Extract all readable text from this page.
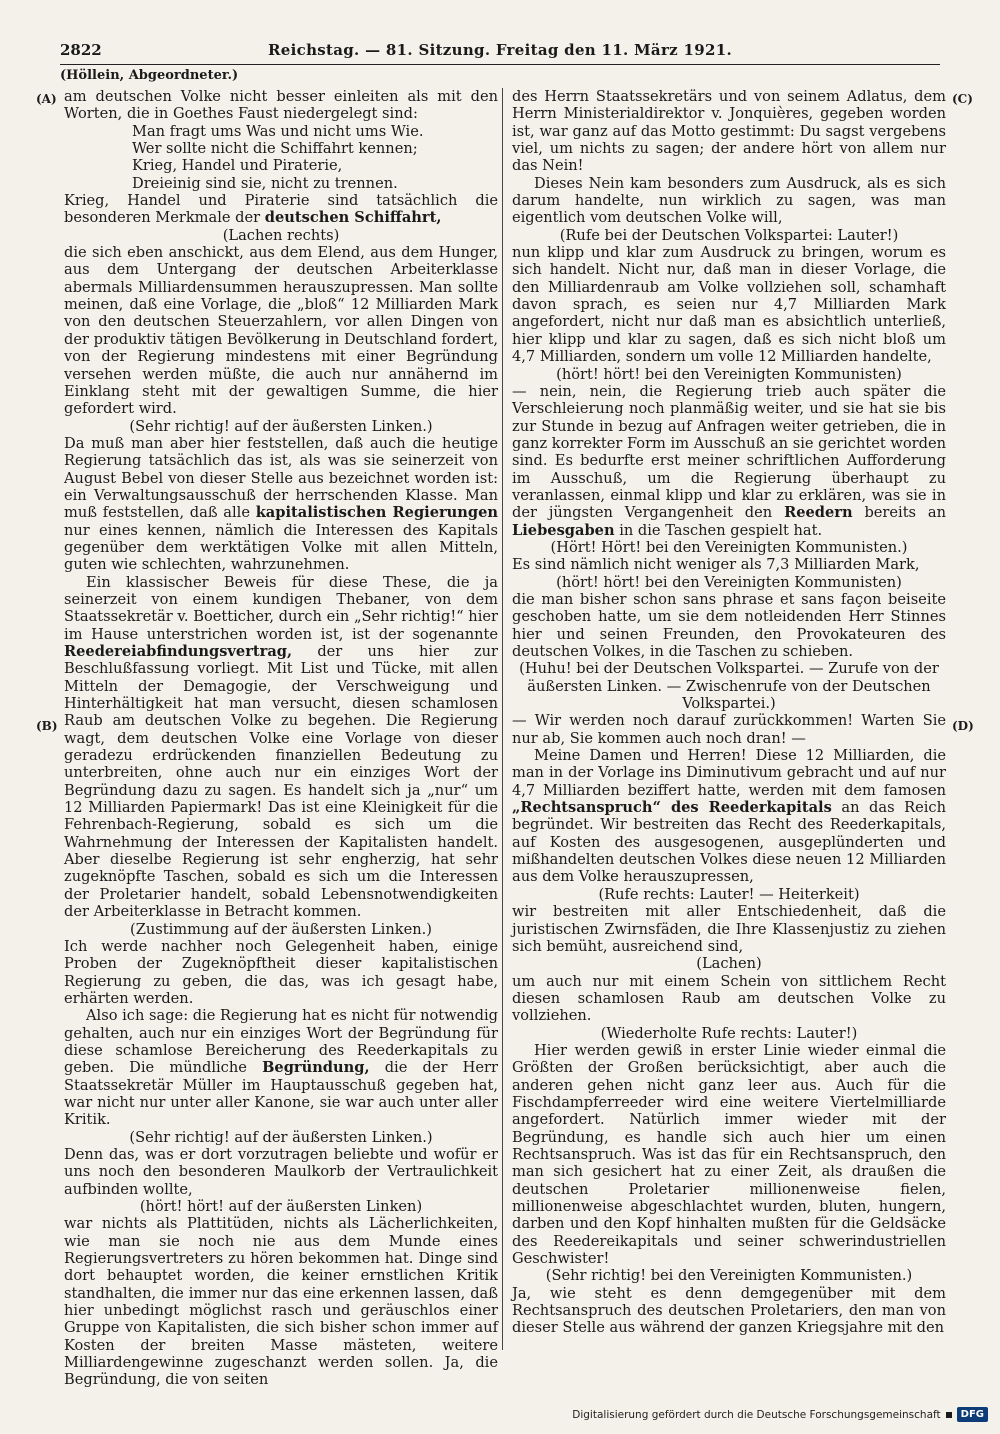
2822	Reichstag. — 81. Sitzung. Freitag den 11. März 1921.
(Höllein, Abgeordneter.)
(A)
(B)
(C)
(D)

am deutschen Volke nicht besser einleiten als mit den Worten, die in Goethes Faust niedergelegt sind:

Man fragt ums Was und nicht ums Wie.

Wer sollte nicht die Schiffahrt kennen;

Krieg, Handel und Piraterie,

Dreieinig sind sie, nicht zu trennen.

Krieg, Handel und Piraterie sind tatsächlich die besonderen Merkmale der deutschen Schiffahrt,

(Lachen rechts)

die sich eben anschickt, aus dem Elend, aus dem Hunger, aus dem Untergang der deutschen Arbeiterklasse abermals Milliardensummen herauszupressen. Man sollte meinen, daß eine Vorlage, die „bloß“ 12 Milliarden Mark von den deutschen Steuerzahlern, vor allen Dingen von der produktiv tätigen Bevölkerung in Deutschland fordert, von der Regierung mindestens mit einer Begründung versehen werden müßte, die auch nur annähernd im Einklang steht mit der gewaltigen Summe, die hier gefordert wird.

(Sehr richtig! auf der äußersten Linken.)

Da muß man aber hier feststellen, daß auch die heutige Regierung tatsächlich das ist, als was sie seinerzeit von August Bebel von dieser Stelle aus bezeichnet worden ist: ein Verwaltungsausschuß der herrschenden Klasse. Man muß feststellen, daß alle kapitalistischen Regierungen nur eines kennen, nämlich die Interessen des Kapitals gegenüber dem werktätigen Volke mit allen Mitteln, guten wie schlechten, wahrzunehmen.

Ein klassischer Beweis für diese These, die ja seinerzeit von einem kundigen Thebaner, von dem Staatssekretär v. Boetticher, durch ein „Sehr richtig!“ hier im Hause unterstrichen worden ist, ist der sogenannte Reedereiabfindungsvertrag, der uns hier zur Beschlußfassung vorliegt. Mit List und Tücke, mit allen Mitteln der Demagogie, der Verschweigung und Hinterhältigkeit hat man versucht, diesen schamlosen Raub am deutschen Volke zu begehen. Die Regierung wagt, dem deutschen Volke eine Vorlage von dieser geradezu erdrückenden finanziellen Bedeutung zu unterbreiten, ohne auch nur ein einziges Wort der Begründung dazu zu sagen. Es handelt sich ja „nur“ um 12 Milliarden Papiermark! Das ist eine Kleinigkeit für die Fehrenbach-Regierung, sobald es sich um die Wahrnehmung der Interessen der Kapitalisten handelt. Aber dieselbe Regierung ist sehr engherzig, hat sehr zugeknöpfte Taschen, sobald es sich um die Interessen der Proletarier handelt, sobald Lebensnotwendigkeiten der Arbeiterklasse in Betracht kommen.

(Zustimmung auf der äußersten Linken.)

Ich werde nachher noch Gelegenheit haben, einige Proben der Zugeknöpftheit dieser kapitalistischen Regierung zu geben, die das, was ich gesagt habe, erhärten werden.

Also ich sage: die Regierung hat es nicht für notwendig gehalten, auch nur ein einziges Wort der Begründung für diese schamlose Bereicherung des Reederkapitals zu geben. Die mündliche Begründung, die der Herr Staatssekretär Müller im Hauptausschuß gegeben hat, war nicht nur unter aller Kanone, sie war auch unter aller Kritik.

(Sehr richtig! auf der äußersten Linken.)

Denn das, was er dort vorzutragen beliebte und wofür er uns noch den besonderen Maulkorb der Vertraulichkeit aufbinden wollte,

(hört! hört! auf der äußersten Linken)

war nichts als Plattitüden, nichts als Lächerlichkeiten, wie man sie noch nie aus dem Munde eines Regierungsvertreters zu hören bekommen hat. Dinge sind dort behauptet worden, die keiner ernstlichen Kritik standhalten, die immer nur das eine erkennen lassen, daß hier unbedingt möglichst rasch und geräuschlos einer Gruppe von Kapitalisten, die sich bisher schon immer auf Kosten der breiten Masse mästeten, weitere Milliardengewinne zugeschanzt werden sollen. Ja, die Begründung, die von seiten

des Herrn Staatssekretärs und von seinem Adlatus, dem Herrn Ministerialdirektor v. Jonquières, gegeben worden ist, war ganz auf das Motto gestimmt: Du sagst vergebens viel, um nichts zu sagen; der andere hört von allem nur das Nein!

Dieses Nein kam besonders zum Ausdruck, als es sich darum handelte, nun wirklich zu sagen, was man eigentlich vom deutschen Volke will,

(Rufe bei der Deutschen Volkspartei: Lauter!)

nun klipp und klar zum Ausdruck zu bringen, worum es sich handelt. Nicht nur, daß man in dieser Vorlage, die den Milliardenraub am Volke vollziehen soll, schamhaft davon sprach, es seien nur 4,7 Milliarden Mark angefordert, nicht nur daß man es absichtlich unterließ, hier klipp und klar zu sagen, daß es sich nicht bloß um 4,7 Milliarden, sondern um volle 12 Milliarden handelte,

(hört! hört! bei den Vereinigten Kommunisten)

— nein, nein, die Regierung trieb auch später die Verschleierung noch planmäßig weiter, und sie hat sie bis zur Stunde in bezug auf Anfragen weiter getrieben, die in ganz korrekter Form im Ausschuß an sie gerichtet worden sind. Es bedurfte erst meiner schriftlichen Aufforderung im Ausschuß, um die Regierung überhaupt zu veranlassen, einmal klipp und klar zu erklären, was sie in der jüngsten Vergangenheit den Reedern bereits an Liebesgaben in die Taschen gespielt hat.

(Hört! Hört! bei den Vereinigten Kommunisten.)

Es sind nämlich nicht weniger als 7,3 Milliarden Mark,

(hört! hört! bei den Vereinigten Kommunisten)

die man bisher schon sans phrase et sans façon beiseite geschoben hatte, um sie dem notleidenden Herr Stinnes hier und seinen Freunden, den Provokateuren des deutschen Volkes, in die Taschen zu schieben.

(Huhu! bei der Deutschen Volkspartei. — Zurufe von der äußersten Linken. — Zwischenrufe von der Deutschen Volkspartei.)

— Wir werden noch darauf zurückkommen! Warten Sie nur ab, Sie kommen auch noch dran! —

Meine Damen und Herren! Diese 12 Milliarden, die man in der Vorlage ins Diminutivum gebracht und auf nur 4,7 Milliarden beziffert hatte, werden mit dem famosen „Rechtsanspruch“ des Reederkapitals an das Reich begründet. Wir bestreiten das Recht des Reederkapitals, auf Kosten des ausgesogenen, ausgeplünderten und mißhandelten deutschen Volkes diese neuen 12 Milliarden aus dem Volke herauszupressen,

(Rufe rechts: Lauter! — Heiterkeit)

wir bestreiten mit aller Entschiedenheit, daß die juristischen Zwirnsfäden, die Ihre Klassenjustiz zu ziehen sich bemüht, ausreichend sind,

(Lachen)

um auch nur mit einem Schein von sittlichem Recht diesen schamlosen Raub am deutschen Volke zu vollziehen.

(Wiederholte Rufe rechts: Lauter!)

Hier werden gewiß in erster Linie wieder einmal die Größten der Großen berücksichtigt, aber auch die anderen gehen nicht ganz leer aus. Auch für die Fischdampferreeder wird eine weitere Viertelmilliarde angefordert. Natürlich immer wieder mit der Begründung, es handle sich auch hier um einen Rechtsanspruch. Was ist das für ein Rechtsanspruch, den man sich gesichert hat zu einer Zeit, als draußen die deutschen Proletarier millionenweise fielen, millionenweise abgeschlachtet wurden, bluten, hungern, darben und den Kopf hinhalten mußten für die Geldsäcke des Reedereikapitals und seiner schwerindustriellen Geschwister!

(Sehr richtig! bei den Vereinigten Kommunisten.)

Ja, wie steht es denn demgegenüber mit dem Rechtsanspruch des deutschen Proletariers, den man von dieser Stelle aus während der ganzen Kriegsjahre mit den

Digitalisierung gefördert durch die Deutsche Forschungsgemeinschaft	DFG
